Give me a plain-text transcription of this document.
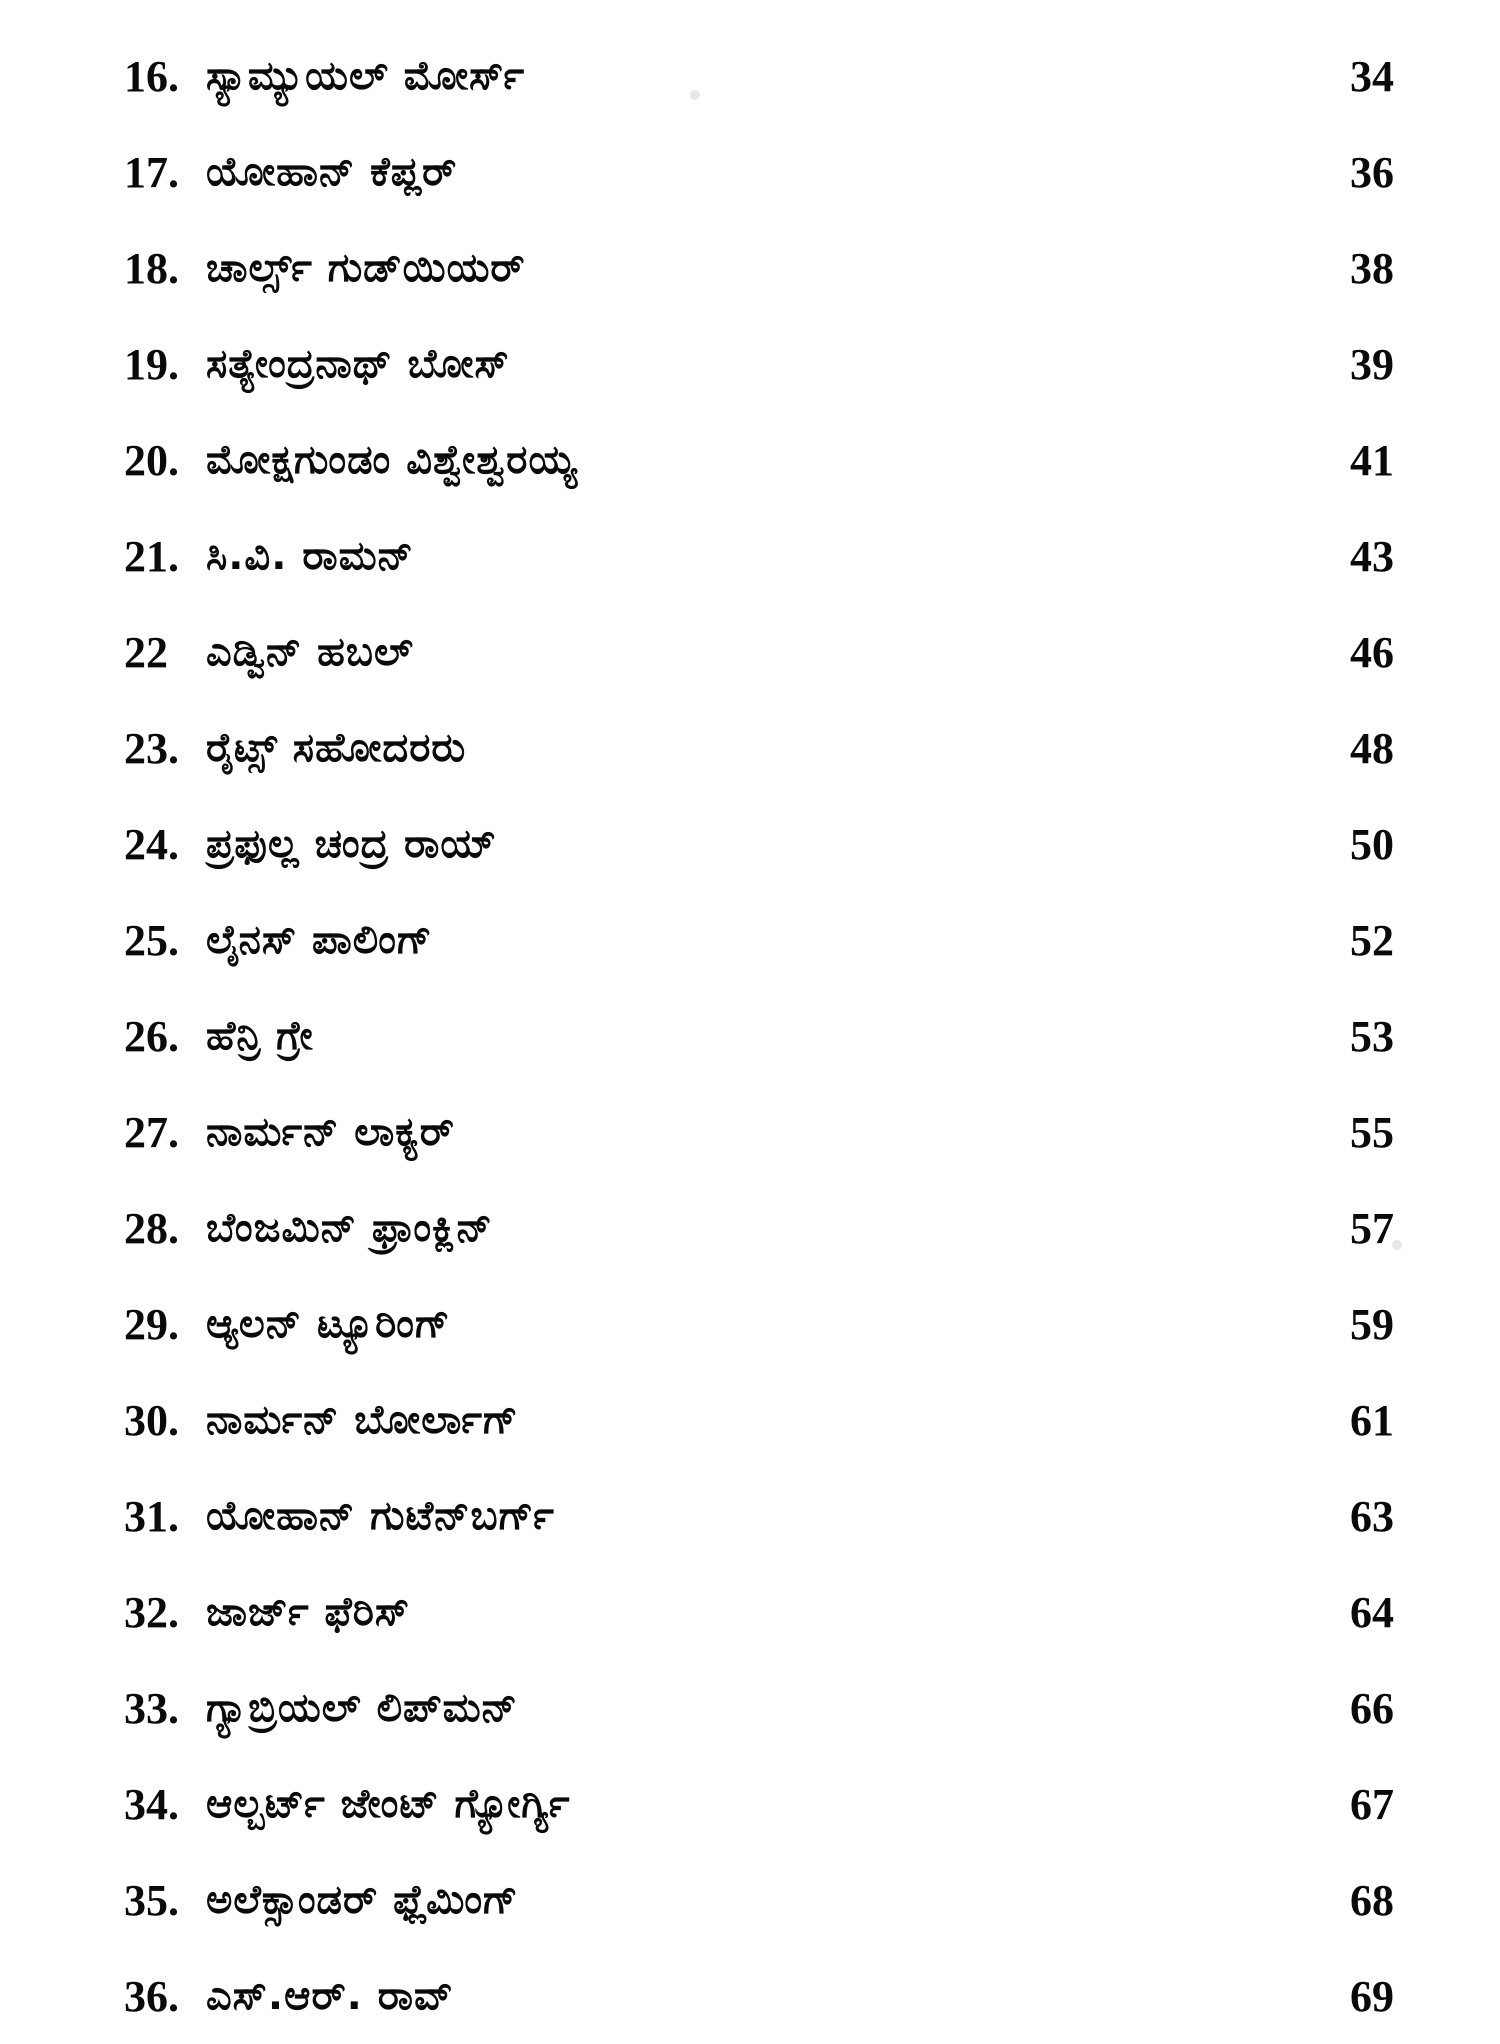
16. ಸ್ಯಾಮ್ಯುಯಲ್ ಮೋರ್ಸ್	34
17. ಯೋಹಾನ್ ಕೆಪ್ಲರ್	36
18. ಚಾರ್ಲ್ಸ್ ಗುಡ್‌ಯಿಯರ್	38
19. ಸತ್ಯೇಂದ್ರನಾಥ್ ಬೋಸ್	39
20. ಮೋಕ್ಷಗುಂಡಂ ವಿಶ್ವೇಶ್ವರಯ್ಯ	41
21. ಸಿ.ವಿ. ರಾಮನ್	43
22 ಎಡ್ವಿನ್ ಹಬಲ್	46
23. ರೈಟ್ಸ್ ಸಹೋದರರು	48
24. ಪ್ರಫುಲ್ಲ ಚಂದ್ರ ರಾಯ್	50
25. ಲೈನಸ್ ಪಾಲಿಂಗ್	52
26. ಹೆನ್ರಿ ಗ್ರೇ	53
27. ನಾರ್ಮನ್ ಲಾಕ್ಯರ್	55
28. ಬೆಂಜಮಿನ್ ಫ್ರಾಂಕ್ಲಿನ್	57
29. ಆ್ಯಲನ್ ಟ್ಯೂರಿಂಗ್	59
30. ನಾರ್ಮನ್ ಬೋರ್ಲಾಗ್	61
31. ಯೋಹಾನ್ ಗುಟೆನ್‌ಬರ್ಗ್	63
32. ಜಾರ್ಜ್ ಫೆರಿಸ್	64
33. ಗ್ಯಾಬ್ರಿಯಲ್ ಲಿಪ್‌ಮನ್	66
34. ಆಲ್ಬರ್ಟ್ ಜೇಂಟ್ ಗ್ಯೋರ್ಗ್ಯಿ	67
35. ಅಲೆಕ್ಸಾಂಡರ್ ಫ್ಲೆಮಿಂಗ್	68
36. ಎಸ್.ಆರ್. ರಾವ್	69
